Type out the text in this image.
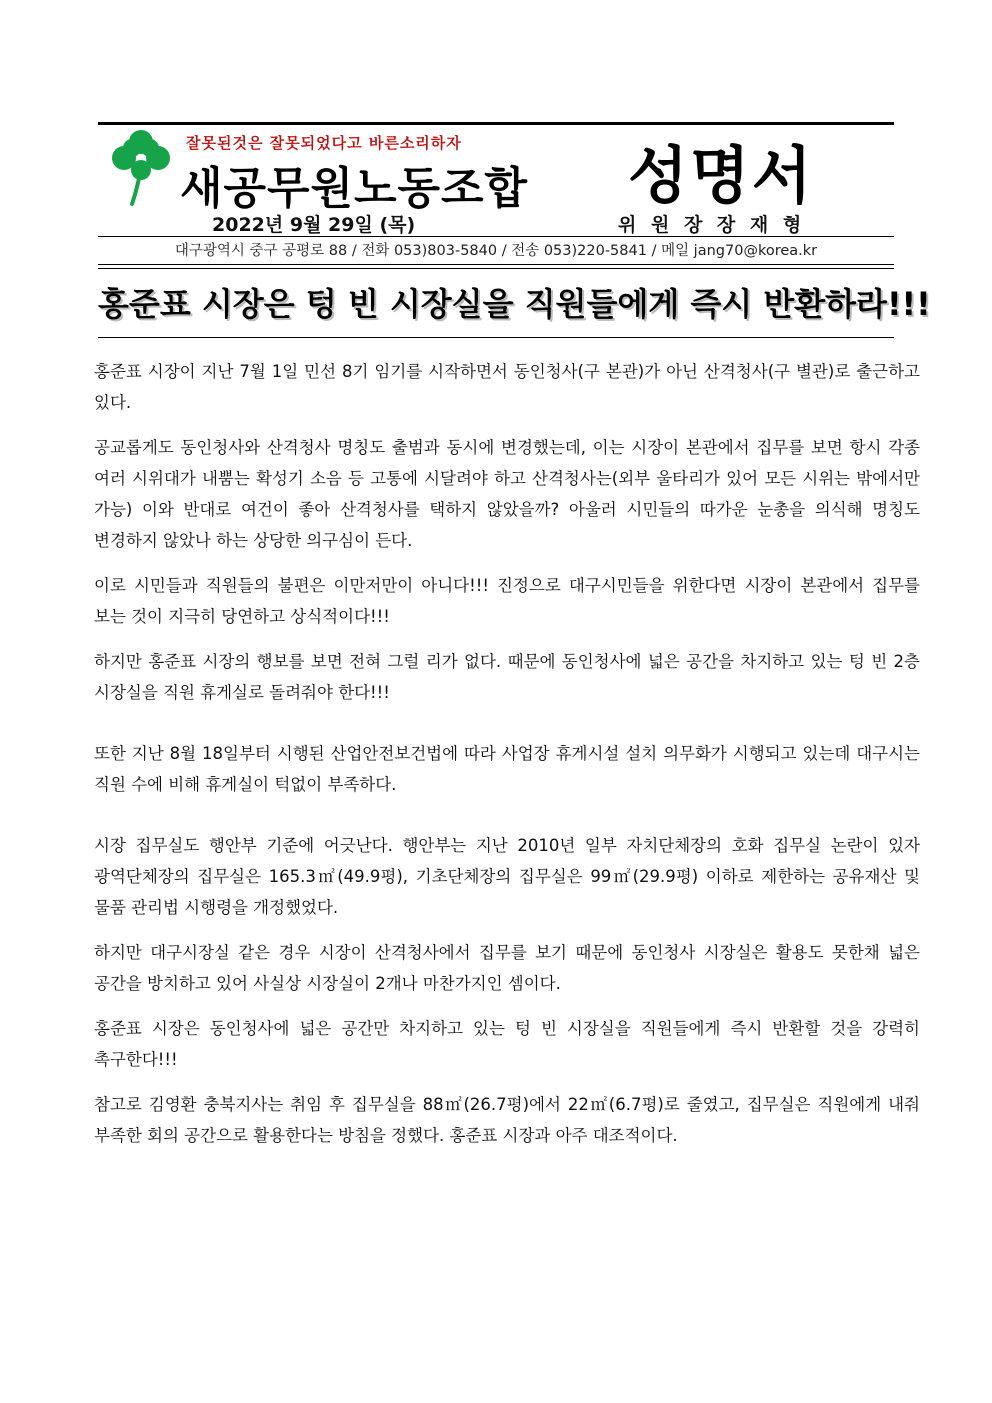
잘못된것은 잘못되었다고 바른소리하자
새공무원노동조합 성명서
2022년 9월 29일 (목)	위 원 장 장 재 형
대구광역시 중구 공평로 88 / 전화 053)803-5840 / 전송 053)220-5841 / 메일 jang70@korea.kr
홍준표 시장은 텅 빈 시장실을 직원들에게 즉시 반환하라!!!

홍준표 시장이 지난 7월 1일 민선 8기 임기를 시작하면서 동인청사(구 본관)가 아닌 산격청사(구 별관)로 출근하고 있다.

공교롭게도 동인청사와 산격청사 명칭도 출범과 동시에 변경했는데, 이는 시장이 본관에서 집무를 보면 항시 각종 여러 시위대가 내뿜는 확성기 소음 등 고통에 시달려야 하고 산격청사는(외부 울타리가 있어 모든 시위는 밖에서만 가능) 이와 반대로 여건이 좋아 산격청사를 택하지 않았을까? 아울러 시민들의 따가운 눈총을 의식해 명칭도 변경하지 않았나 하는 상당한 의구심이 든다.

이로 시민들과 직원들의 불편은 이만저만이 아니다!!! 진정으로 대구시민들을 위한다면 시장이 본관에서 집무를 보는 것이 지극히 당연하고 상식적이다!!!

하지만 홍준표 시장의 행보를 보면 전혀 그럴 리가 없다. 때문에 동인청사에 넓은 공간을 차지하고 있는 텅 빈 2층 시장실을 직원 휴게실로 돌려줘야 한다!!!

또한 지난 8월 18일부터 시행된 산업안전보건법에 따라 사업장 휴게시설 설치 의무화가 시행되고 있는데 대구시는 직원 수에 비해 휴게실이 턱없이 부족하다.

시장 집무실도 행안부 기준에 어긋난다. 행안부는 지난 2010년 일부 자치단체장의 호화 집무실 논란이 있자 광역단체장의 집무실은 165.3㎡(49.9평), 기초단체장의 집무실은 99㎡(29.9평) 이하로 제한하는 공유재산 및 물품 관리법 시행령을 개정했었다.

하지만 대구시장실 같은 경우 시장이 산격청사에서 집무를 보기 때문에 동인청사 시장실은 활용도 못한채 넓은 공간을 방치하고 있어 사실상 시장실이 2개나 마찬가지인 셈이다.

홍준표 시장은 동인청사에 넓은 공간만 차지하고 있는 텅 빈 시장실을 직원들에게 즉시 반환할 것을 강력히 촉구한다!!!

참고로 김영환 충북지사는 취임 후 집무실을 88㎡(26.7평)에서 22㎡(6.7평)로 줄였고, 집무실은 직원에게 내줘 부족한 회의 공간으로 활용한다는 방침을 정했다. 홍준표 시장과 아주 대조적이다.
